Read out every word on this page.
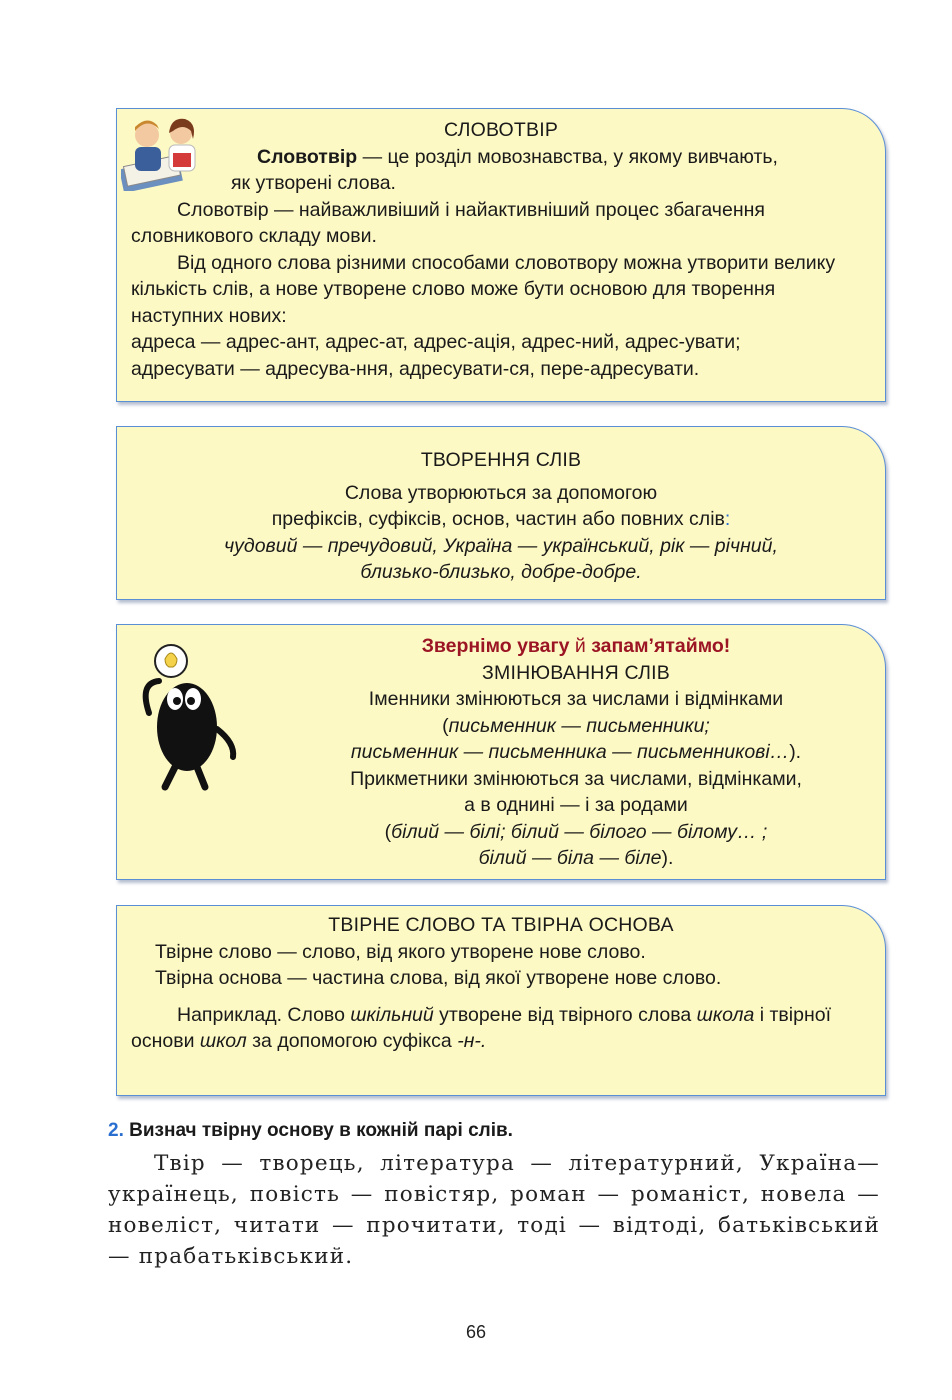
СЛОВОТВІР

Словотвір — це розділ мовознавства, у якому вивчають,

як утворені слова.

Словотвір — найважливіший і найактивніший процес збагачення словникового складу мови.

Від одного слова різними способами словотвору можна утворити велику кількість слів, а нове утворене слово може бути основою для творення наступних нових:

адреса — адрес-ант, адрес-ат, адрес-ація, адрес-ний, адрес-увати;

адресувати — адресува-ння, адресувати-ся, пере-адресувати.

ТВОРЕННЯ СЛІВ

Слова утворюються за допомогою

префіксів, суфіксів, основ, частин або повних слів:

чудовий — пречудовий, Україна — український, рік — річний,

близько-близько, добре-добре.

Звернімо увагу й запам’ятаймо!

ЗМІНЮВАННЯ СЛІВ

Іменники змінюються за числами і відмінками

(письменник — письменники;

письменник — письменника — письменникові…).

Прикметники змінюються за числами, відмінками,

а в однині — і за родами

(білий — білі; білий — білого — білому… ;

білий — біла — біле).

ТВІРНЕ СЛОВО ТА ТВІРНА ОСНОВА

Твірне слово — слово, від якого утворене нове слово.

Твірна основа — частина слова, від якої утворене нове слово.

Наприклад. Слово шкільний утворене від твірного слова школа і твірної основи школ за допомогою суфікса -н-.

2. Визнач твірну основу в кожній парі слів.

Твір — творець, література — літературний, Україна— українець, повість — повістяр, роман — романіст, новела — новеліст, читати — прочитати, тоді — відтоді, батьківський — прабатьківський.

66
